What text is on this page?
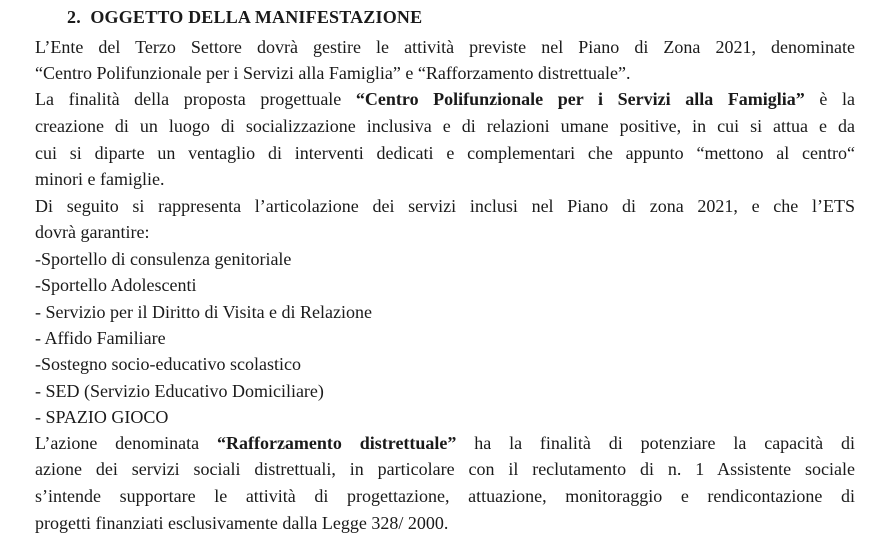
2. OGGETTO DELLA MANIFESTAZIONE
L’Ente del Terzo Settore dovrà gestire le attività previste nel Piano di Zona 2021, denominate
“Centro Polifunzionale per i Servizi alla Famiglia” e “Rafforzamento distrettuale”.
La finalità della proposta progettuale “Centro Polifunzionale per i Servizi alla Famiglia” è la
creazione di un luogo di socializzazione inclusiva e di relazioni umane positive, in cui si attua e da
cui si diparte un ventaglio di interventi dedicati e complementari che appunto “mettono al centro“
minori e famiglie.
Di seguito si rappresenta l’articolazione dei servizi inclusi nel Piano di zona 2021, e che l’ETS
dovrà garantire:
-Sportello di consulenza genitoriale
-Sportello Adolescenti
- Servizio per il Diritto di Visita e di Relazione
- Affido Familiare
-Sostegno socio-educativo scolastico
- SED (Servizio Educativo Domiciliare)
- SPAZIO GIOCO
L’azione denominata “Rafforzamento distrettuale” ha la finalità di potenziare la capacità di
azione dei servizi sociali distrettuali, in particolare con il reclutamento di n. 1 Assistente sociale
s’intende supportare le attività di progettazione, attuazione, monitoraggio e rendicontazione di
progetti finanziati esclusivamente dalla Legge 328/ 2000.
